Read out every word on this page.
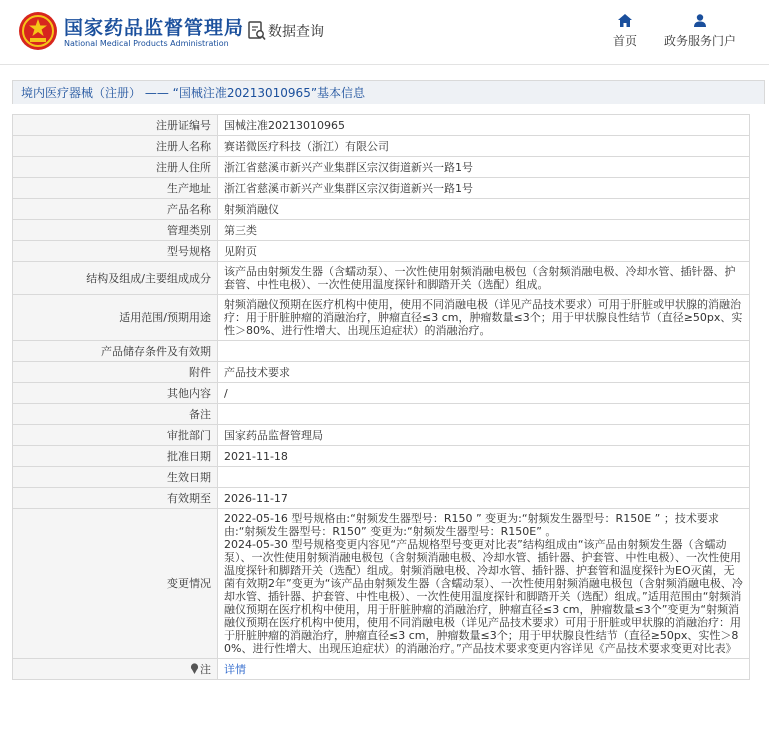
国家药品监督管理局
National Medical Products Administration
数据查询
首页	政务服务门户
境内医疗器械（注册） —— “国械注准20213010965”基本信息
注册证编号	国械注准20213010965
注册人名称	赛诺微医疗科技（浙江）有限公司
注册人住所	浙江省慈溪市新兴产业集群区宗汉街道新兴一路1号
生产地址	浙江省慈溪市新兴产业集群区宗汉街道新兴一路1号
产品名称	射频消融仪
管理类别	第三类
型号规格	见附页
结构及组成/主要组成成分	该产品由射频发生器（含蠕动泵）、一次性使用射频消融电极包（含射频消融电极、冷却水管、插针器、护套管、中性电极）、一次性使用温度探针和脚踏开关（选配）组成。
适用范围/预期用途	射频消融仪预期在医疗机构中使用，使用不同消融电极（详见产品技术要求）可用于肝脏或甲状腺的消融治疗：用于肝脏肿瘤的消融治疗，肿瘤直径≤3 cm，肿瘤数量≤3个；用于甲状腺良性结节（直径≥50px、实性＞80%、进行性增大、出现压迫症状）的消融治疗。
产品储存条件及有效期	
附件	产品技术要求
其他内容	/
备注	
审批部门	国家药品监督管理局
批准日期	2021-11-18
生效日期	
有效期至	2026-11-17
变更情况	2022-05-16 型号规格由:“射频发生器型号：R150 ” 变更为:“射频发生器型号：R150E ” ；技术要求由:“射频发生器型号：R150” 变更为:“射频发生器型号：R150E” 。
2024-05-30 型号规格变更内容见“产品规格型号变更对比表”结构组成由“该产品由射频发生器（含蠕动泵）、一次性使用射频消融电极包（含射频消融电极、冷却水管、插针器、护套管、中性电极）、一次性使用温度探针和脚踏开关（选配）组成。射频消融电极、冷却水管、插针器、护套管和温度探针为EO灭菌，无菌有效期2年”变更为“该产品由射频发生器（含蠕动泵）、一次性使用射频消融电极包（含射频消融电极、冷却水管、插针器、护套管、中性电极）、一次性使用温度探针和脚踏开关（选配）组成。”适用范围由“射频消融仪预期在医疗机构中使用，用于肝脏肿瘤的消融治疗，肿瘤直径≤3 cm，肿瘤数量≤3个”变更为“射频消融仪预期在医疗机构中使用，使用不同消融电极（详见产品技术要求）可用于肝脏或甲状腺的消融治疗：用于肝脏肿瘤的消融治疗，肿瘤直径≤3 cm，肿瘤数量≤3个；用于甲状腺良性结节（直径≥50px、实性＞80%、进行性增大、出现压迫症状）的消融治疗。”产品技术要求变更内容详见《产品技术要求变更对比表》
注	详情
